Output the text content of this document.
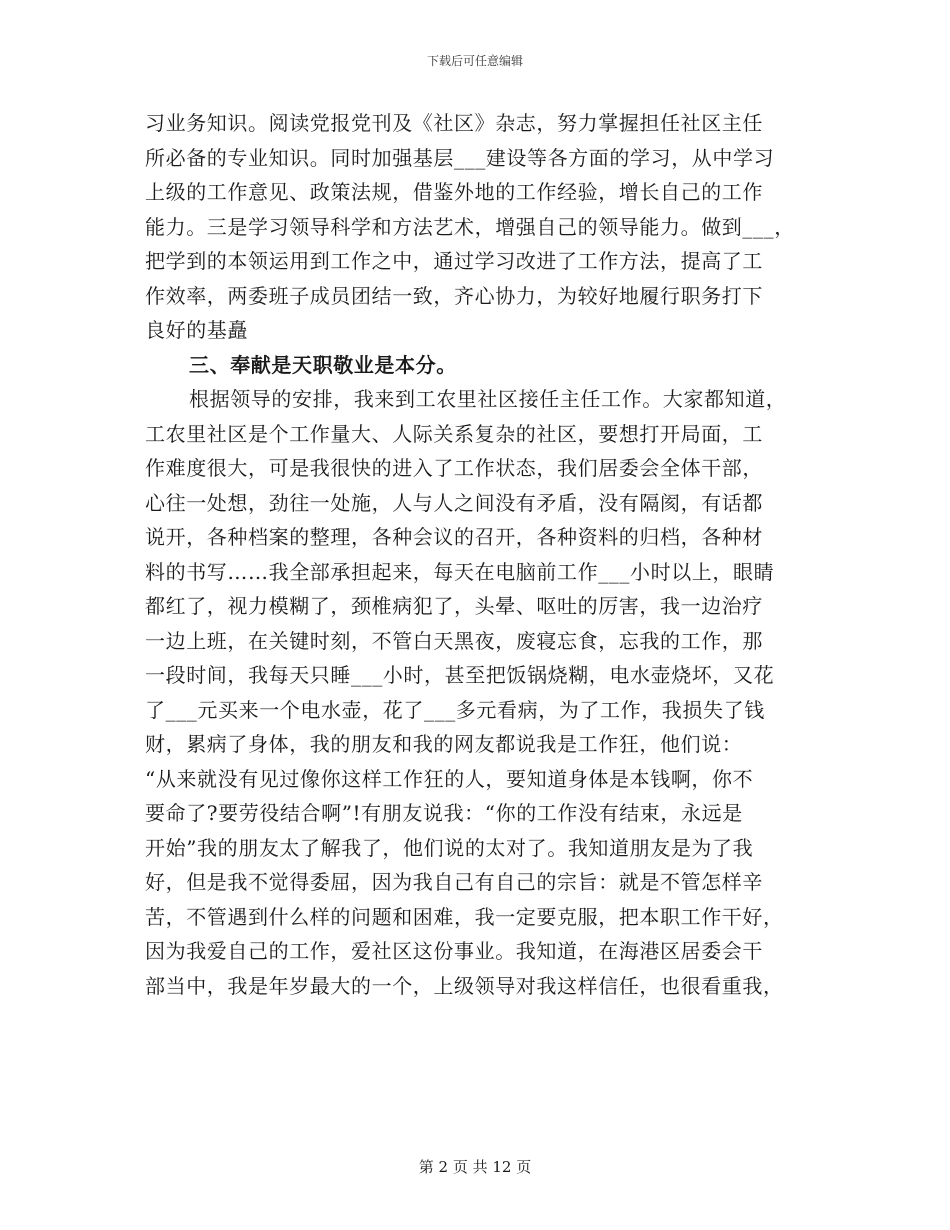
下载后可任意编辑
习业务知识。阅读党报党刊及《社区》杂志，努力掌握担任社区主任
所必备的专业知识。同时加强基层___建设等各方面的学习，从中学习
上级的工作意见、政策法规，借鉴外地的工作经验，增长自己的工作
能力。三是学习领导科学和方法艺术，增强自己的领导能力。做到___，
把学到的本领运用到工作之中，通过学习改进了工作方法，提高了工
作效率，两委班子成员团结一致，齐心协力，为较好地履行职务打下
良好的基矗
三、奉献是天职敬业是本分。
根据领导的安排，我来到工农里社区接任主任工作。大家都知道，
工农里社区是个工作量大、人际关系复杂的社区，要想打开局面，工
作难度很大，可是我很快的进入了工作状态，我们居委会全体干部，
心往一处想，劲往一处施，人与人之间没有矛盾，没有隔阂，有话都
说开，各种档案的整理，各种会议的召开，各种资料的归档，各种材
料的书写……我全部承担起来，每天在电脑前工作___小时以上，眼睛
都红了，视力模糊了，颈椎病犯了，头晕、呕吐的厉害，我一边治疗
一边上班，在关键时刻，不管白天黑夜，废寝忘食，忘我的工作，那
一段时间，我每天只睡___小时，甚至把饭锅烧糊，电水壶烧坏，又花
了___元买来一个电水壶，花了___多元看病，为了工作，我损失了钱
财，累病了身体，我的朋友和我的网友都说我是工作狂，他们说：
“从来就没有见过像你这样工作狂的人，要知道身体是本钱啊，你不
要命了?要劳役结合啊”!有朋友说我：“你的工作没有结束，永远是
开始”我的朋友太了解我了，他们说的太对了。我知道朋友是为了我
好，但是我不觉得委屈，因为我自己有自己的宗旨：就是不管怎样辛
苦，不管遇到什么样的问题和困难，我一定要克服，把本职工作干好，
因为我爱自己的工作，爱社区这份事业。我知道，在海港区居委会干
部当中，我是年岁最大的一个，上级领导对我这样信任，也很看重我，
第 2 页 共 12 页
